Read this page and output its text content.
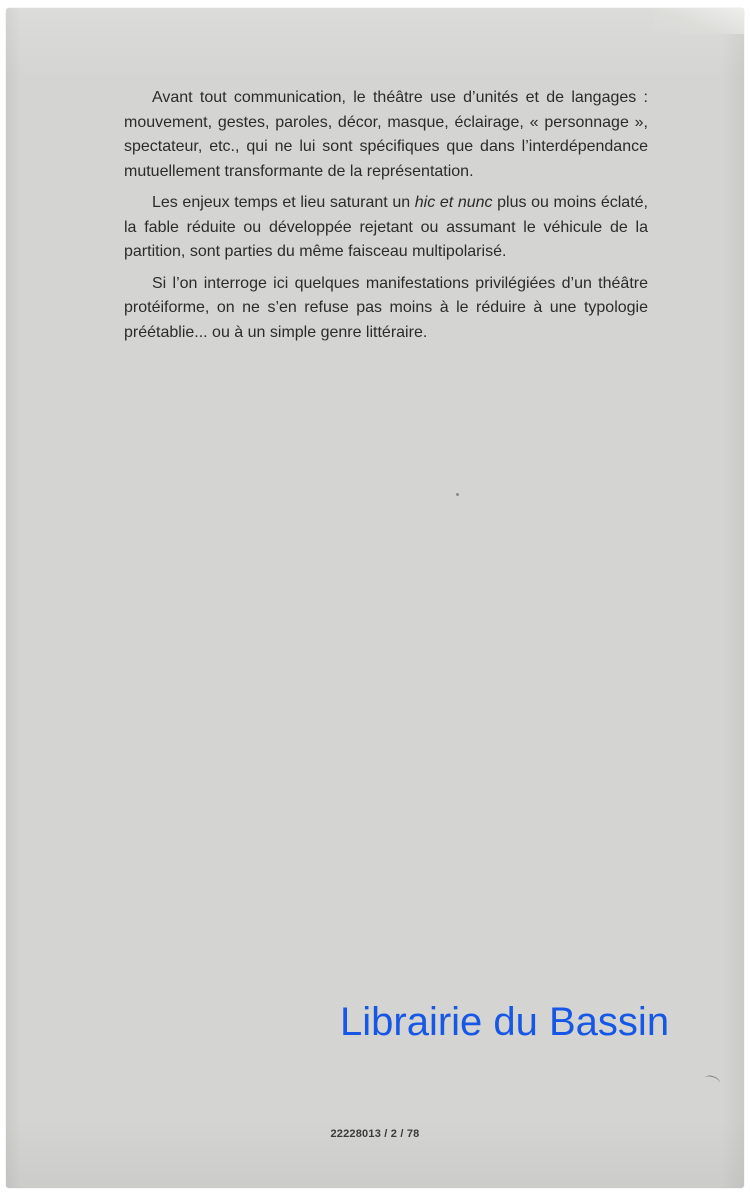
Avant tout communication, le théâtre use d’unités et de langages : mouvement, gestes, paroles, décor, masque, éclairage, « personnage », spectateur, etc., qui ne lui sont spécifiques que dans l’interdépendance mutuellement transformante de la représentation.

Les enjeux temps et lieu saturant un hic et nunc plus ou moins éclaté, la fable réduite ou développée rejetant ou assumant le véhicule de la partition, sont parties du même faisceau multipolarisé.

Si l’on interroge ici quelques manifestations privilégiées d’un théâtre protéiforme, on ne s’en refuse pas moins à le réduire à une typologie préétablie... ou à un simple genre littéraire.

Librairie du Bassin
22228013 / 2 / 78
